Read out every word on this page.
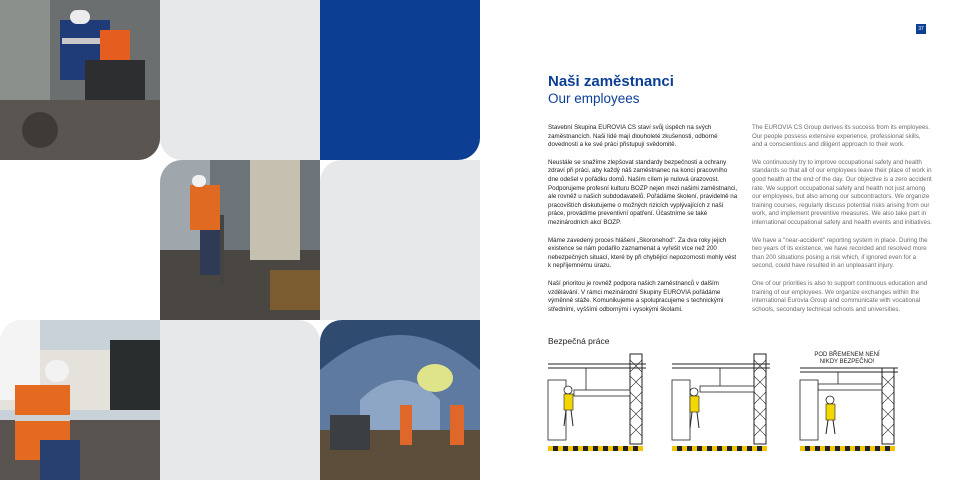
37
Naši zaměstnanci
Our employees

Stavební Skupina EUROVIA CS staví svůj úspěch na svých zaměstnancích. Naši lidé mají dlouholeté zkušenosti, odborné dovednosti a ke své práci přistupují svědomitě.

Neustále se snažíme zlepšovat standardy bezpečnosti a ochrany zdraví při práci, aby každý náš zaměstnanec na konci pracovního dne odešel v pořádku domů. Naším cílem je nulová úrazovost. Podporujeme profesní kulturu BOZP nejen mezi našimi zaměstnanci, ale rovněž u našich subdodavatelů. Pořádáme školení, pravidelně na pracovištích diskutujeme o možných rizicích vyplývajících z naší práce, provádíme preventivní opatření. Účastníme se také mezinárodních akcí BOZP.

Máme zavedený proces hlášení „Skoronehod". Za dva roky jejich existence se nám podařilo zaznamenat a vyřešit více než 200 nebezpečných situací, které by při chybějící nepozornosti mohly vést k nepříjemnému úrazu.

Naší prioritou je rovněž podpora našich zaměstnanců v dalším vzdělávání. V rámci mezinárodní Skupiny EUROVIA pořádáme výměnné stáže. Komunikujeme a spolupracujeme s technickými středními, vyššími odbornými i vysokými školami.

The EUROVIA CS Group derives its success from its employees. Our people possess extensive experience, professional skills, and a conscientious and diligent approach to their work.

We continuously try to improve occupational safety and health standards so that all of our employees leave their place of work in good health at the end of the day. Our objective is a zero accident rate. We support occupational safety and health not just among our employees, but also among our subcontractors. We organize training courses, regularly discuss potential risks arising from our work, and implement preventive measures. We also take part in international occupational safety and health events and initiatives.

We have a "near-accident" reporting system in place. During the two years of its existence, we have recorded and resolved more than 200 situations posing a risk which, if ignored even for a second, could have resulted in an unpleasant injury.

One of our priorities is also to support continuous education and training of our employees. We organize exchanges within the international Eurovia Group and communicate with vocational schools, secondary technical schools and universities.

Bezpečná práce
POD BŘEMENEM NENÍ
NIKDY BEZPEČNO!
